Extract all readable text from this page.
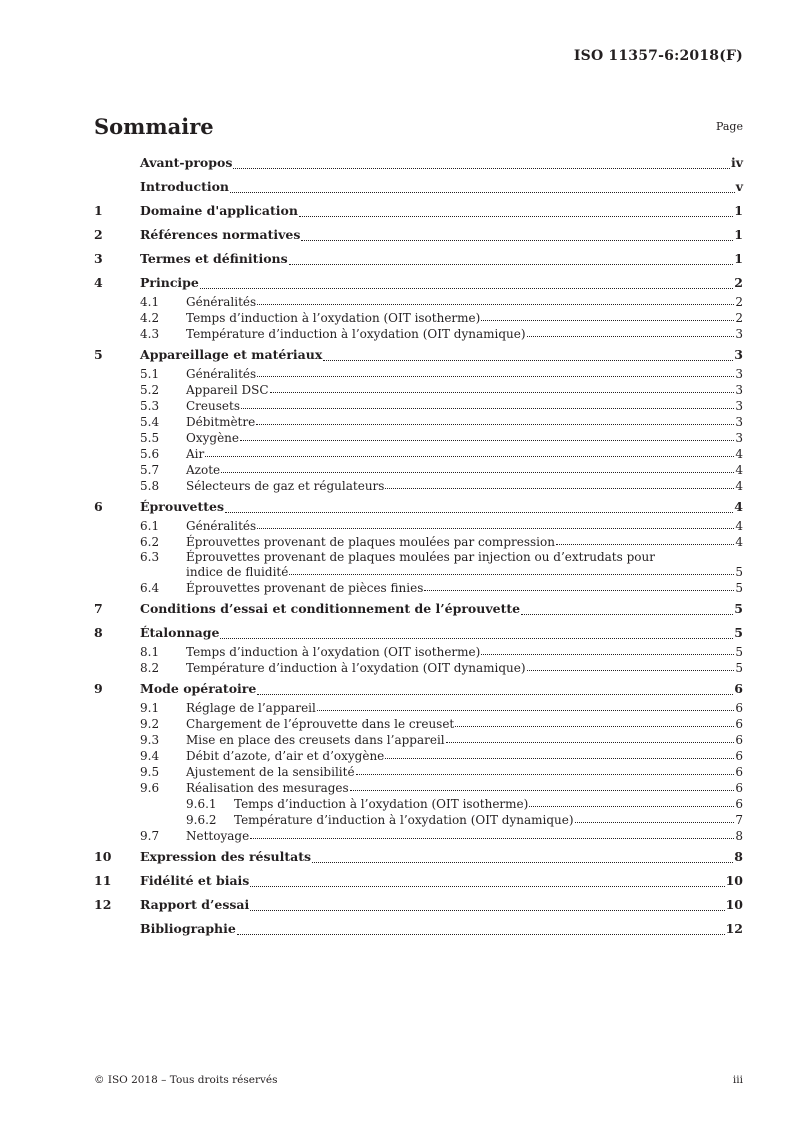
ISO 11357-6:2018(F)
Sommaire	Page
Avant-propos	iv
Introduction	v
1	Domaine d'application	1
2	Références normatives	1
3	Termes et définitions	1
4	Principe	2
4.1	Généralités	2
4.2	Temps d’induction à l’oxydation (OIT isotherme)	2
4.3	Température d’induction à l’oxydation (OIT dynamique)	3
5	Appareillage et matériaux	3
5.1	Généralités	3
5.2	Appareil DSC	3
5.3	Creusets	3
5.4	Débitmètre	3
5.5	Oxygène	3
5.6	Air	4
5.7	Azote	4
5.8	Sélecteurs de gaz et régulateurs	4
6	Éprouvettes	4
6.1	Généralités	4
6.2	Éprouvettes provenant de plaques moulées par compression	4
6.3	Éprouvettes provenant de plaques moulées par injection ou d’extrudats pour
indice de fluidité	5
6.4	Éprouvettes provenant de pièces finies	5
7	Conditions d’essai et conditionnement de l’éprouvette	5
8	Étalonnage	5
8.1	Temps d’induction à l’oxydation (OIT isotherme)	5
8.2	Température d’induction à l’oxydation (OIT dynamique)	5
9	Mode opératoire	6
9.1	Réglage de l’appareil	6
9.2	Chargement de l’éprouvette dans le creuset	6
9.3	Mise en place des creusets dans l’appareil	6
9.4	Débit d’azote, d’air et d’oxygène	6
9.5	Ajustement de la sensibilité	6
9.6	Réalisation des mesurages	6
9.6.1	Temps d’induction à l’oxydation (OIT isotherme)	6
9.6.2	Température d’induction à l’oxydation (OIT dynamique)	7
9.7	Nettoyage	8
10	Expression des résultats	8
11	Fidélité et biais	10
12	Rapport d’essai	10
Bibliographie	12
© ISO 2018 – Tous droits réservés	iii
